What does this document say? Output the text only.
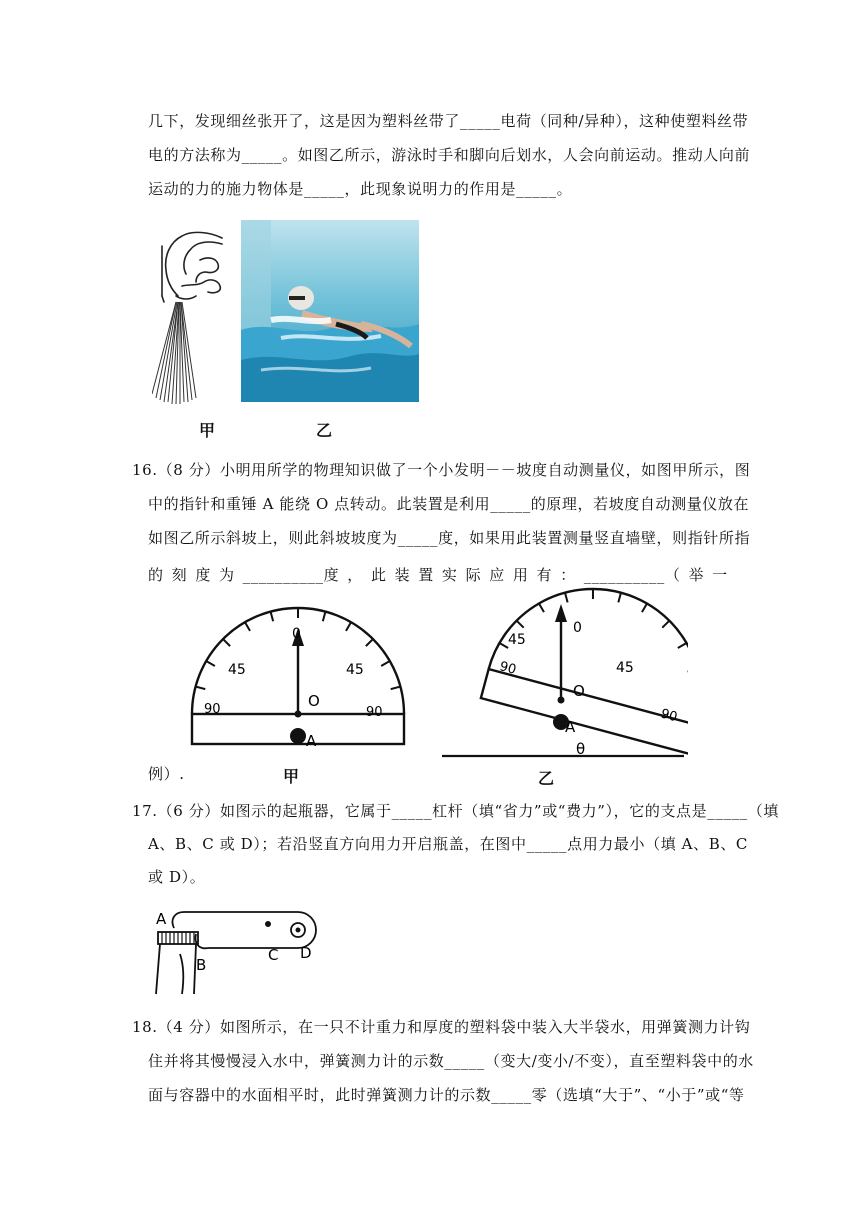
几下，发现细丝张开了，这是因为塑料丝带了_____电荷（同种/异种），这种使塑料丝带
电的方法称为_____。如图乙所示，游泳时手和脚向后划水，人会向前运动。推动人向前
运动的力的施力物体是_____，此现象说明力的作用是_____。
甲	乙
16.（8 分）小明用所学的物理知识做了一个小发明－－坡度自动测量仪，如图甲所示，图
中的指针和重锤 A 能绕 O 点转动。此装置是利用_____的原理，若坡度自动测量仪放在
如图乙所示斜坡上，则此斜坡坡度为_____度，如果用此装置测量竖直墙壁，则指针所指
的 刻 度 为 __________度 ， 此 装 置 实 际 应 用 有 ： __________（ 举 一
例）.
0
45	45
90	90
O
A
甲
90
90
0
45
45
O
A
θ
乙
17.（6 分）如图示的起瓶器，它属于_____杠杆（填“省力”或“费力”），它的支点是_____（填
A、B、C 或 D）；若沿竖直方向用力开启瓶盖，在图中_____点用力最小（填 A、B、C
或 D）。
A
B
C D
18.（4 分）如图所示，在一只不计重力和厚度的塑料袋中装入大半袋水，用弹簧测力计钩
住并将其慢慢浸入水中，弹簧测力计的示数_____（变大/变小/不变），直至塑料袋中的水
面与容器中的水面相平时，此时弹簧测力计的示数_____零（选填“大于”、“小于”或“等
